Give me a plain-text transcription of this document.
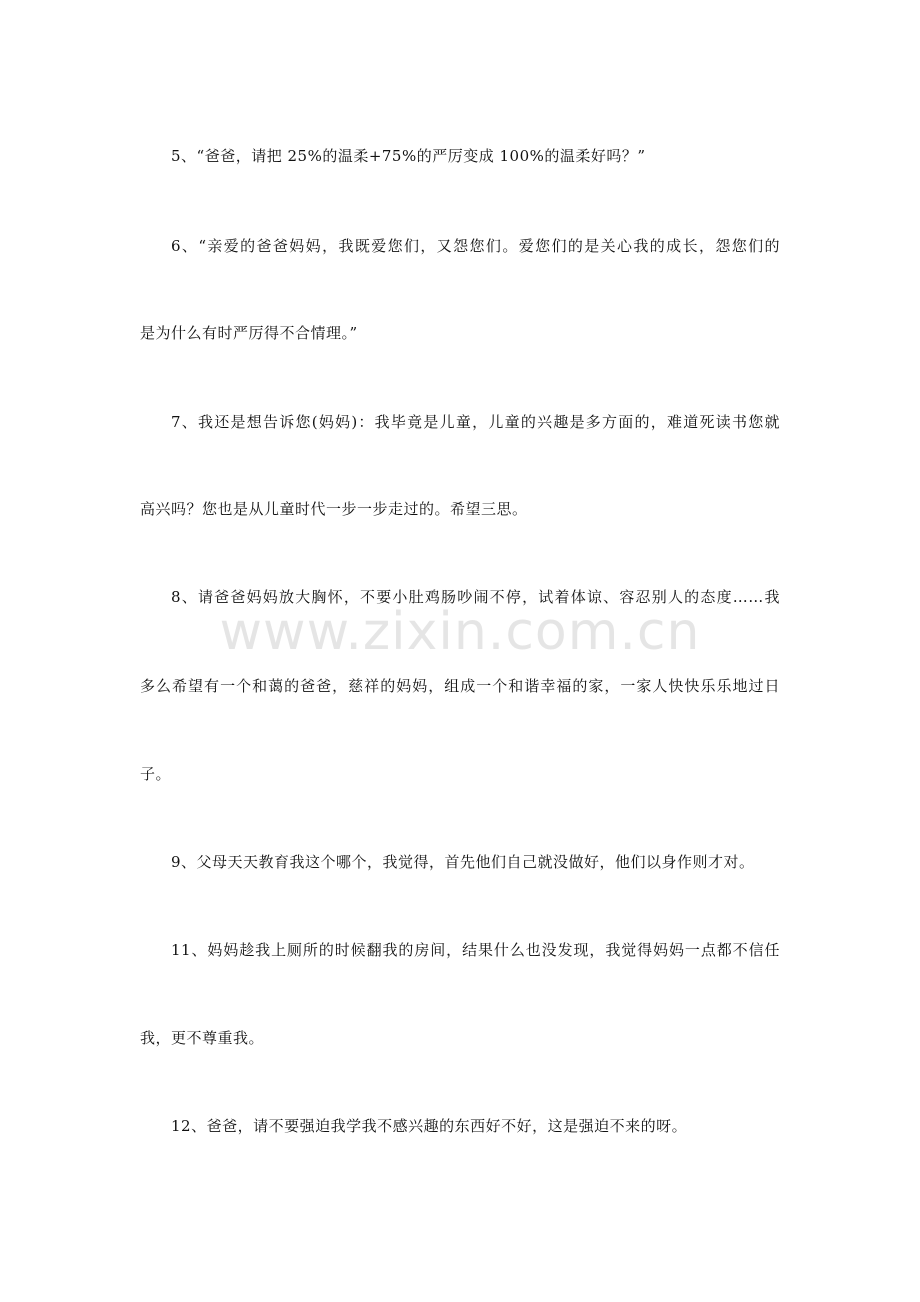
5、“爸爸，请把 25%的温柔+75%的严厉变成 100%的温柔好吗？”
6、“亲爱的爸爸妈妈，我既爱您们，又怨您们。爱您们的是关心我的成长，怨您们的
是为什么有时严厉得不合情理。”
7、我还是想告诉您(妈妈)：我毕竟是儿童，儿童的兴趣是多方面的，难道死读书您就
高兴吗？您也是从儿童时代一步一步走过的。希望三思。
8、请爸爸妈妈放大胸怀，不要小肚鸡肠吵闹不停，试着体谅、容忍别人的态度……我
多么希望有一个和蔼的爸爸，慈祥的妈妈，组成一个和谐幸福的家，一家人快快乐乐地过日
子。
9、父母天天教育我这个哪个，我觉得，首先他们自己就没做好，他们以身作则才对。
11、妈妈趁我上厕所的时候翻我的房间，结果什么也没发现，我觉得妈妈一点都不信任
我，更不尊重我。
12、爸爸，请不要强迫我学我不感兴趣的东西好不好，这是强迫不来的呀。
www.zixin.com.cn
